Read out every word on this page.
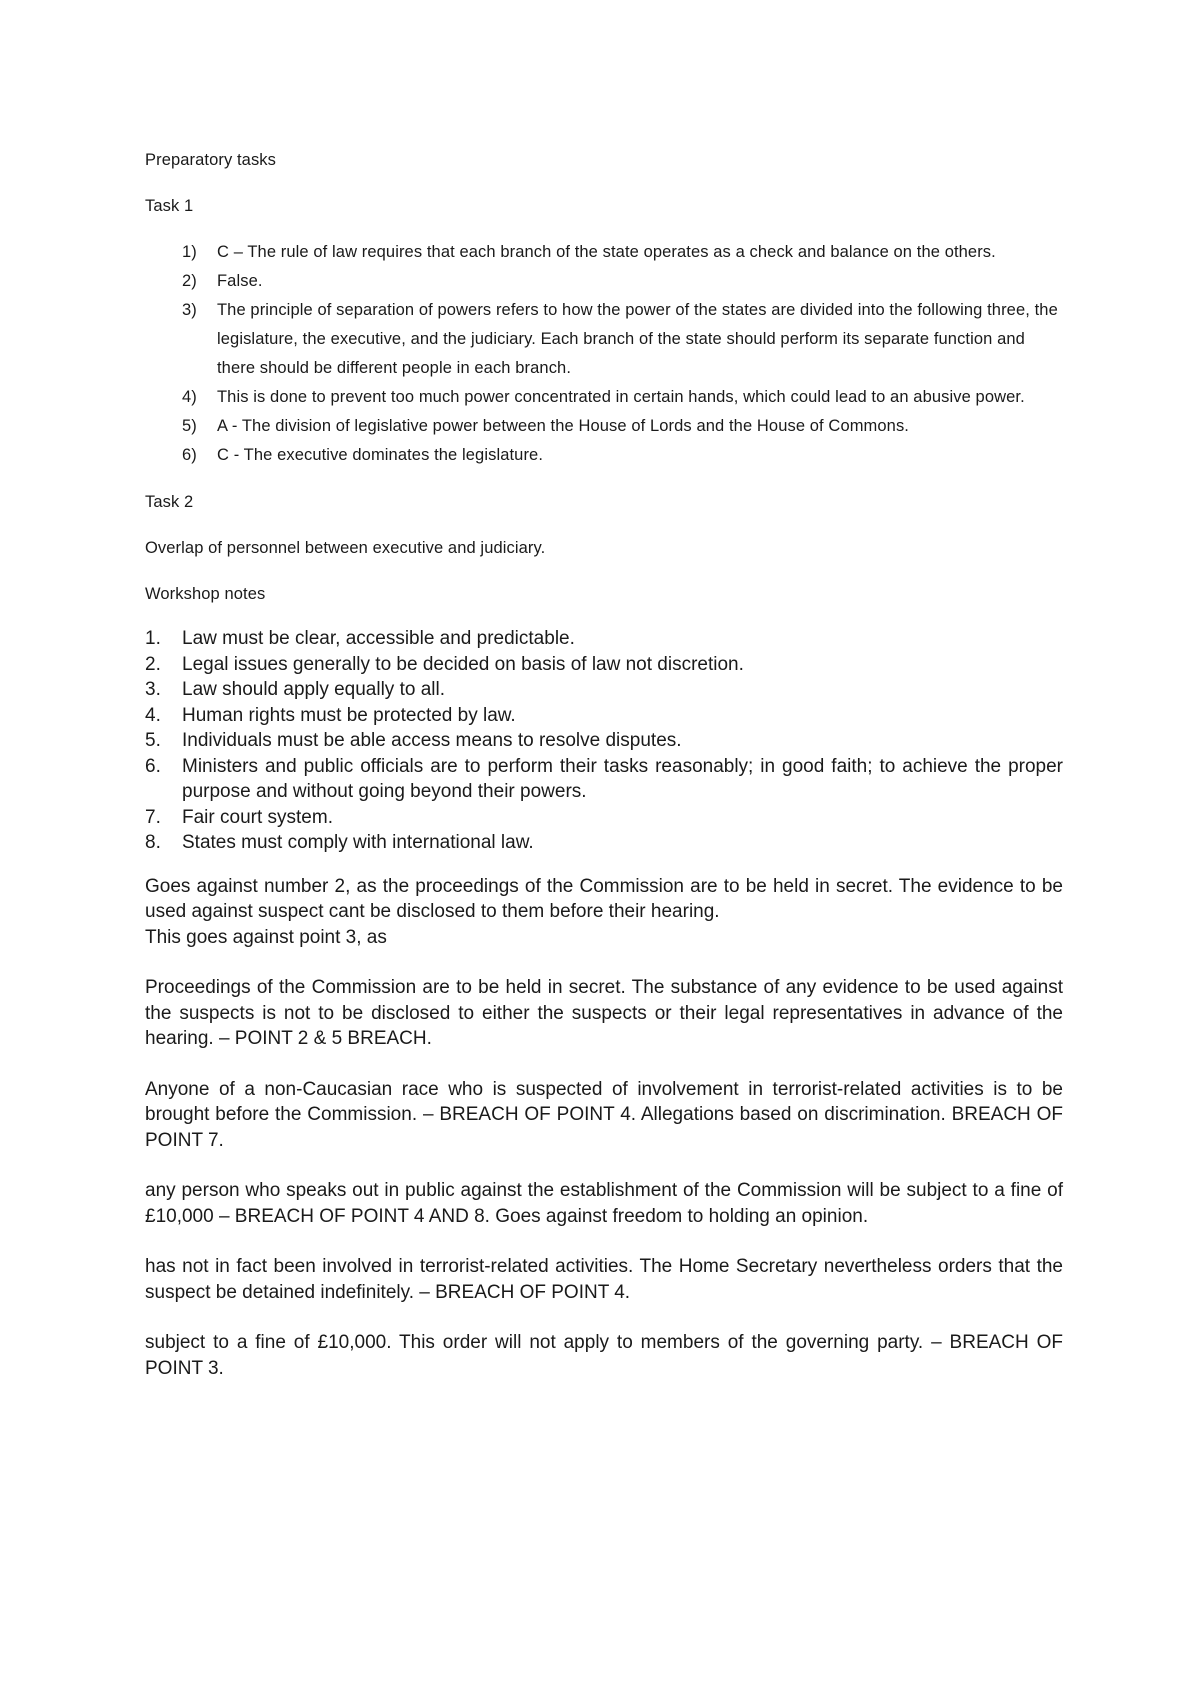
Preparatory tasks
Task 1
1) C – The rule of law requires that each branch of the state operates as a check and balance on the others.
2) False.
3) The principle of separation of powers refers to how the power of the states are divided into the following three, the legislature, the executive, and the judiciary. Each branch of the state should perform its separate function and there should be different people in each branch.
4) This is done to prevent too much power concentrated in certain hands, which could lead to an abusive power.
5) A - The division of legislative power between the House of Lords and the House of Commons.
6) C - The executive dominates the legislature.
Task 2
Overlap of personnel between executive and judiciary.
Workshop notes
1. Law must be clear, accessible and predictable.
2. Legal issues generally to be decided on basis of law not discretion.
3. Law should apply equally to all.
4. Human rights must be protected by law.
5. Individuals must be able access means to resolve disputes.
6. Ministers and public officials are to perform their tasks reasonably; in good faith; to achieve the proper purpose and without going beyond their powers.
7. Fair court system.
8. States must comply with international law.
Goes against number 2, as the proceedings of the Commission are to be held in secret. The evidence to be used against suspect cant be disclosed to them before their hearing.
This goes against point 3, as
Proceedings of the Commission are to be held in secret. The substance of any evidence to be used against the suspects is not to be disclosed to either the suspects or their legal representatives in advance of the hearing. – POINT 2 & 5 BREACH.
Anyone of a non-Caucasian race who is suspected of involvement in terrorist-related activities is to be brought before the Commission. – BREACH OF POINT 4. Allegations based on discrimination. BREACH OF POINT 7.
any person who speaks out in public against the establishment of the Commission will be subject to a fine of £10,000 – BREACH OF POINT 4 AND 8. Goes against freedom to holding an opinion.
has not in fact been involved in terrorist-related activities. The Home Secretary nevertheless orders that the suspect be detained indefinitely. – BREACH OF POINT 4.
subject to a fine of £10,000. This order will not apply to members of the governing party. – BREACH OF POINT 3.
